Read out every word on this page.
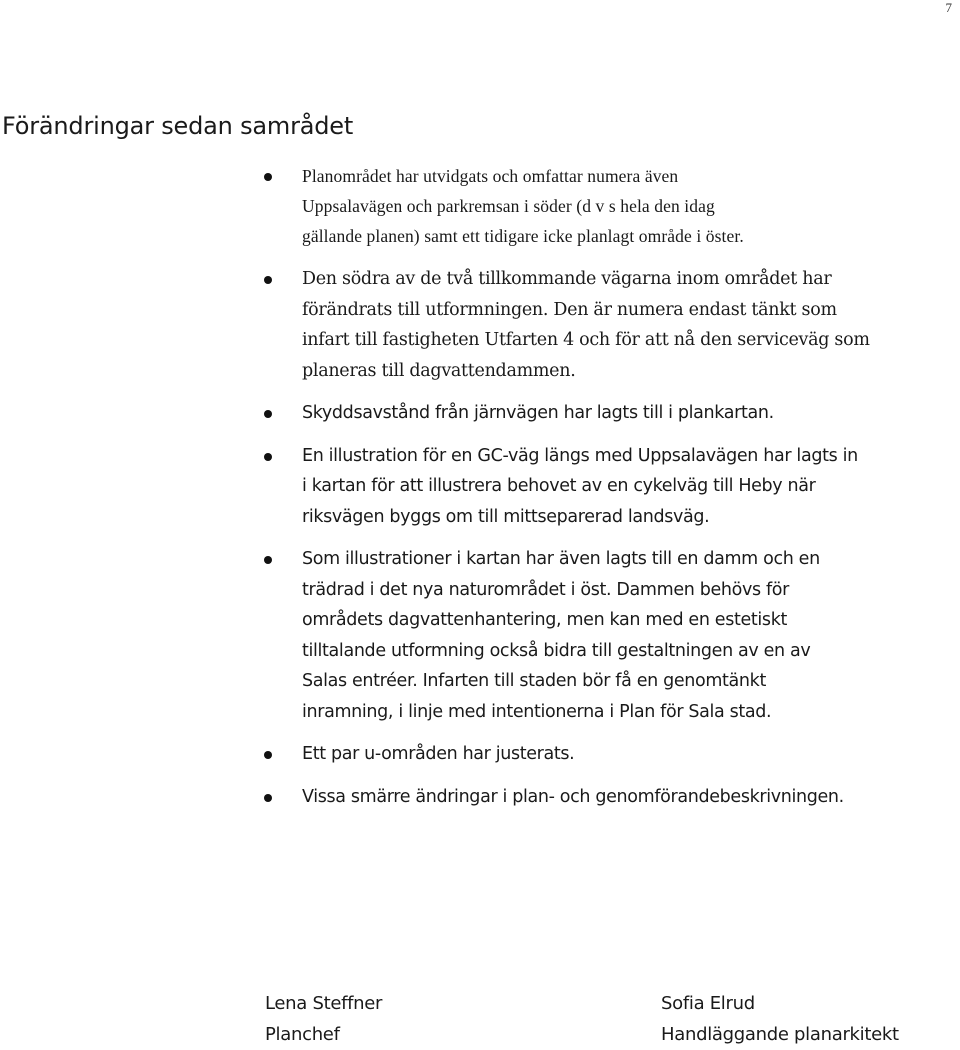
7
Förändringar sedan samrådet
Planområdet har utvidgats och omfattar numera även
Uppsalavägen och parkremsan i söder (d v s hela den idag
gällande planen) samt ett tidigare icke planlagt område i öster.
Den södra av de två tillkommande vägarna inom området har
förändrats till utformningen. Den är numera endast tänkt som
infart till fastigheten Utfarten 4 och för att nå den serviceväg som
planeras till dagvattendammen.
Skyddsavstånd från järnvägen har lagts till i plankartan.
En illustration för en GC-väg längs med Uppsalavägen har lagts in
i kartan för att illustrera behovet av en cykelväg till Heby när
riksvägen byggs om till mittseparerad landsväg.
Som illustrationer i kartan har även lagts till en damm och en
trädrad i det nya naturområdet i öst. Dammen behövs för
områdets dagvattenhantering, men kan med en estetiskt
tilltalande utformning också bidra till gestaltningen av en av
Salas entréer. Infarten till staden bör få en genomtänkt
inramning, i linje med intentionerna i Plan för Sala stad.
Ett par u-områden har justerats.
Vissa smärre ändringar i plan- och genomförandebeskrivningen.
Lena Steffner
Planchef
Sofia Elrud
Handläggande planarkitekt
